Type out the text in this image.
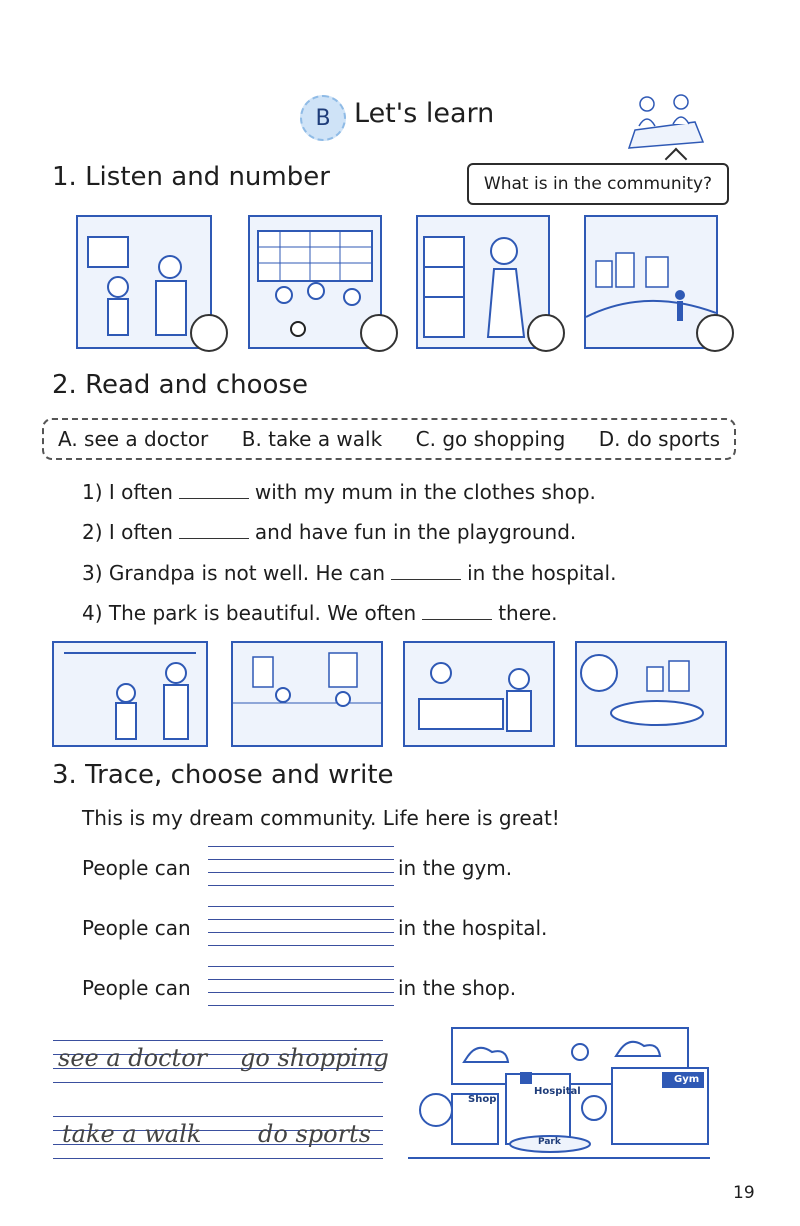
B Let's learn
1. Listen and number	What is in the community?
2. Read and choose
A. see a doctor B. take a walk C. go shopping D. do sports
1) I often	with my mum in the clothes shop.
2) I often	and have fun in the playground.
3) Grandpa is not well. He can	in the hospital.
4) The park is beautiful. We often	there.
3. Trace, choose and write
This is my dream community. Life here is great!
People can	in the gym.
People can	in the hospital.
People can	in the shop.
see a doctor go shopping
take a walk do sports
Shop
Hospital
Gym
Park
19
